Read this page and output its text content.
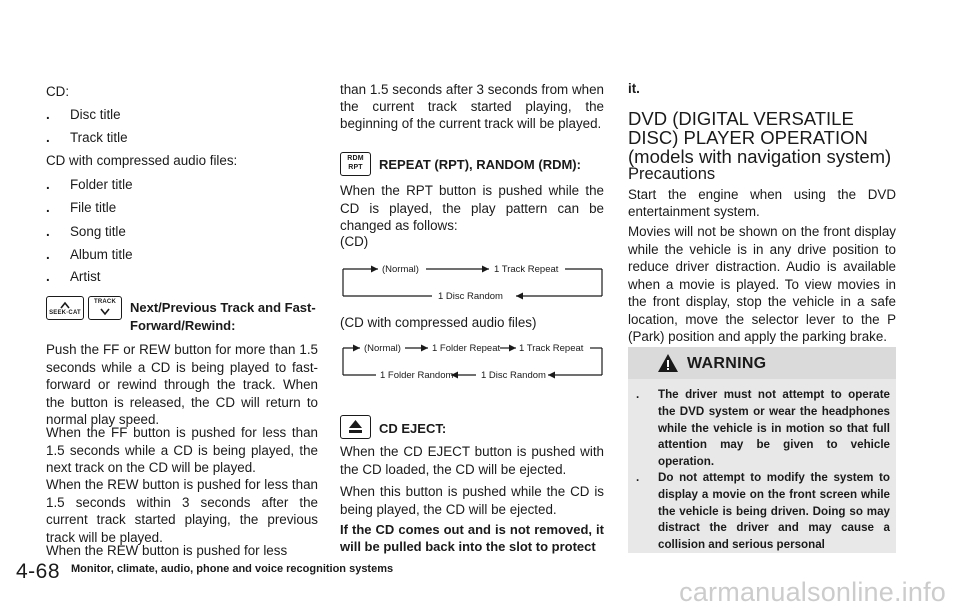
CD:

. Disc title
. Track title

CD with compressed audio files:

. Folder title
. File title
. Song title
. Album title
. Artist
SEEK·CAT
TRACK	Next/Previous Track and Fast-

Forward/Rewind:

Push the FF or REW button for more than 1.5 seconds while a CD is being played to fast-forward or rewind through the track. When the button is released, the CD will return to normal play speed.

When the FF button is pushed for less than 1.5 seconds while a CD is being played, the next track on the CD will be played.

When the REW button is pushed for less than 1.5 seconds within 3 seconds after the current track started playing, the previous track will be played.

When the REW button is pushed for less

than 1.5 seconds after 3 seconds from when the current track started playing, the beginning of the current track will be played.

RDM
RPT	REPEAT (RPT), RANDOM (RDM):

When the RPT button is pushed while the CD is played, the play pattern can be changed as follows:

(CD)

(Normal)	1 Track Repeat
1 Disc Random

(CD with compressed audio files)

(Normal)	1 Folder Repeat 1 Track Repeat
1 Disc Random
1 Folder Random

CD EJECT:

When the CD EJECT button is pushed with the CD loaded, the CD will be ejected.

When this button is pushed while the CD is being played, the CD will be ejected.

If the CD comes out and is not removed, it will be pulled back into the slot to protect

it.

DVD (DIGITAL VERSATILE DISC) PLAYER OPERATION (models with navigation system)
Precautions

Start the engine when using the DVD entertainment system.

Movies will not be shown on the front display while the vehicle is in any drive position to reduce driver distraction. Audio is available when a movie is played. To view movies in the front display, stop the vehicle in a safe location, move the selector lever to the P (Park) position and apply the parking brake.

WARNING
. The driver must not attempt to operate the DVD system or wear the headphones while the vehicle is in motion so that full attention may be given to vehicle operation.
. Do not attempt to modify the system to display a movie on the front screen while the vehicle is being driven. Doing so may distract the driver and may cause a collision and serious personal
4-68 Monitor, climate, audio, phone and voice recognition systems
carmanualsonline.info
